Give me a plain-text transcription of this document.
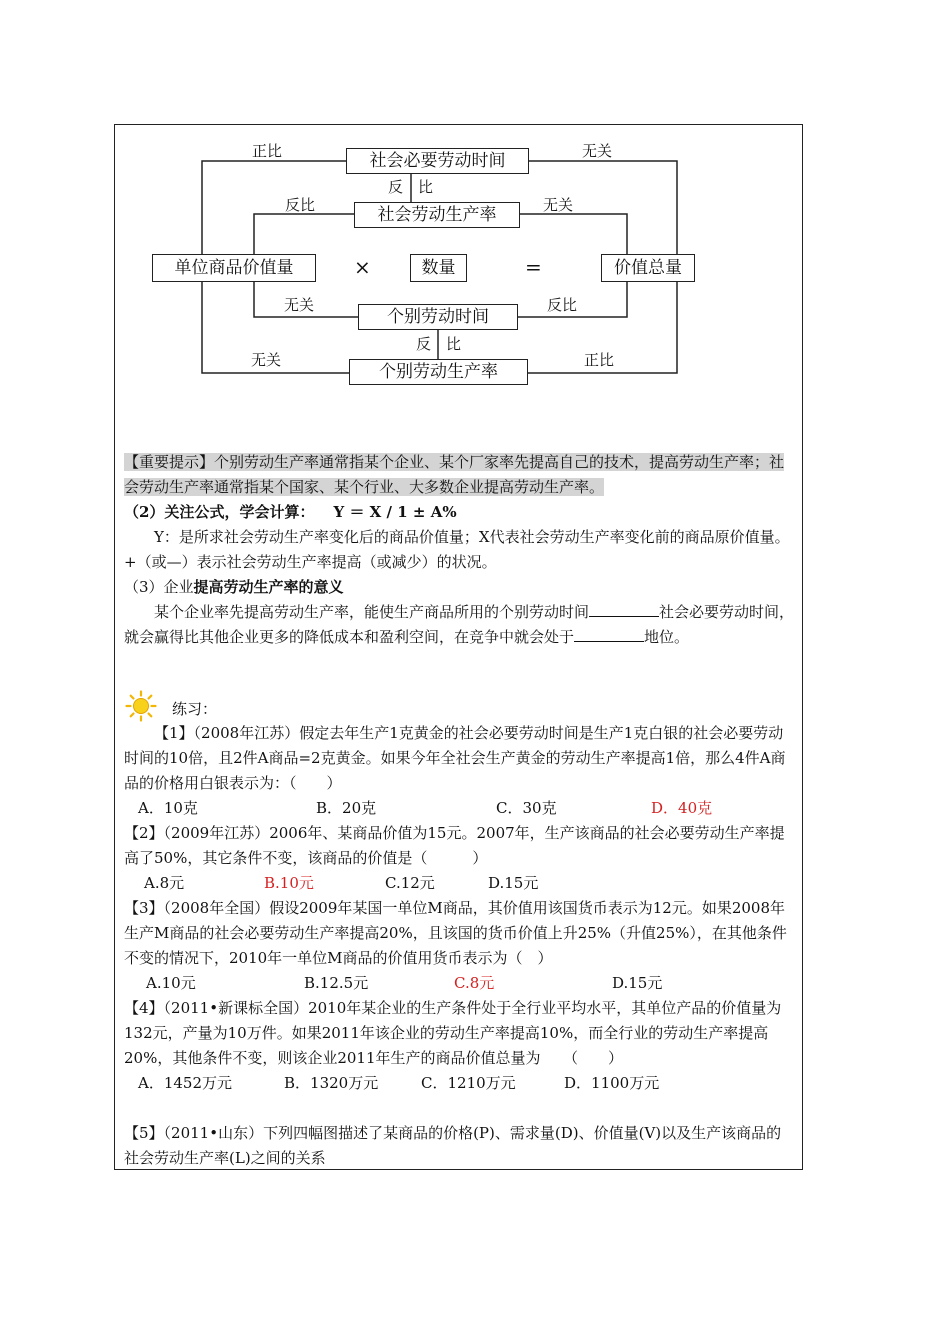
社会必要劳动时间
社会劳动生产率
单位商品价值量	数量	价值总量
个别劳动时间
个别劳动生产率
×	=
正比	无关
反 比
反比	无关
无关	反比
反 比
无关	正比

【重要提示】个别劳动生产率通常指某个企业、某个厂家率先提高自己的技术，提高劳动生产率；社会劳动生产率通常指某个国家、某个行业、大多数企业提高劳动生产率。

（2）关注公式，学会计算： Y ＝ X / 1 ± A%

Y：是所求社会劳动生产率变化后的商品价值量；X代表社会劳动生产率变化前的商品原价值量。+（或—）表示社会劳动生产率提高（或减少）的状况。

（3）企业提高劳动生产率的意义

某个企业率先提高劳动生产率，能使生产商品所用的个别劳动时间	社会必要劳动时间，就会赢得比其他企业更多的降低成本和盈利空间，在竞争中就会处于	地位。

练习：

【1】（2008年江苏）假定去年生产1克黄金的社会必要劳动时间是生产1克白银的社会必要劳动时间的10倍，且2件A商品=2克黄金。如果今年全社会生产黄金的劳动生产率提高1倍，那么4件A商品的价格用白银表示为：（　　）

A．10克	B．20克	C．30克	D．40克

【2】（2009年江苏）2006年、某商品价值为15元。2007年，生产该商品的社会必要劳动生产率提高了50%，其它条件不变，该商品的价值是（　　　）

A.8元	B.10元	C.12元	D.15元

【3】（2008年全国）假设2009年某国一单位M商品，其价值用该国货币表示为12元。如果2008年生产M商品的社会必要劳动生产率提高20%，且该国的货币价值上升25%（升值25%），在其他条件不变的情况下，2010年一单位M商品的价值用货币表示为（　）

A.10元	B.12.5元	C.8元	D.15元

【4】（2011•新课标全国）2010年某企业的生产条件处于全行业平均水平，其单位产品的价值量为132元，产量为10万件。如果2011年该企业的劳动生产率提高10%，而全行业的劳动生产率提高20%，其他条件不变，则该企业2011年生产的商品价值总量为　　（　　）

A．1452万元	B．1320万元	C．1210万元	D．1100万元

【5】（2011•山东）下列四幅图描述了某商品的价格(P)、需求量(D)、价值量(V)以及生产该商品的社会劳动生产率(L)之间的关系
